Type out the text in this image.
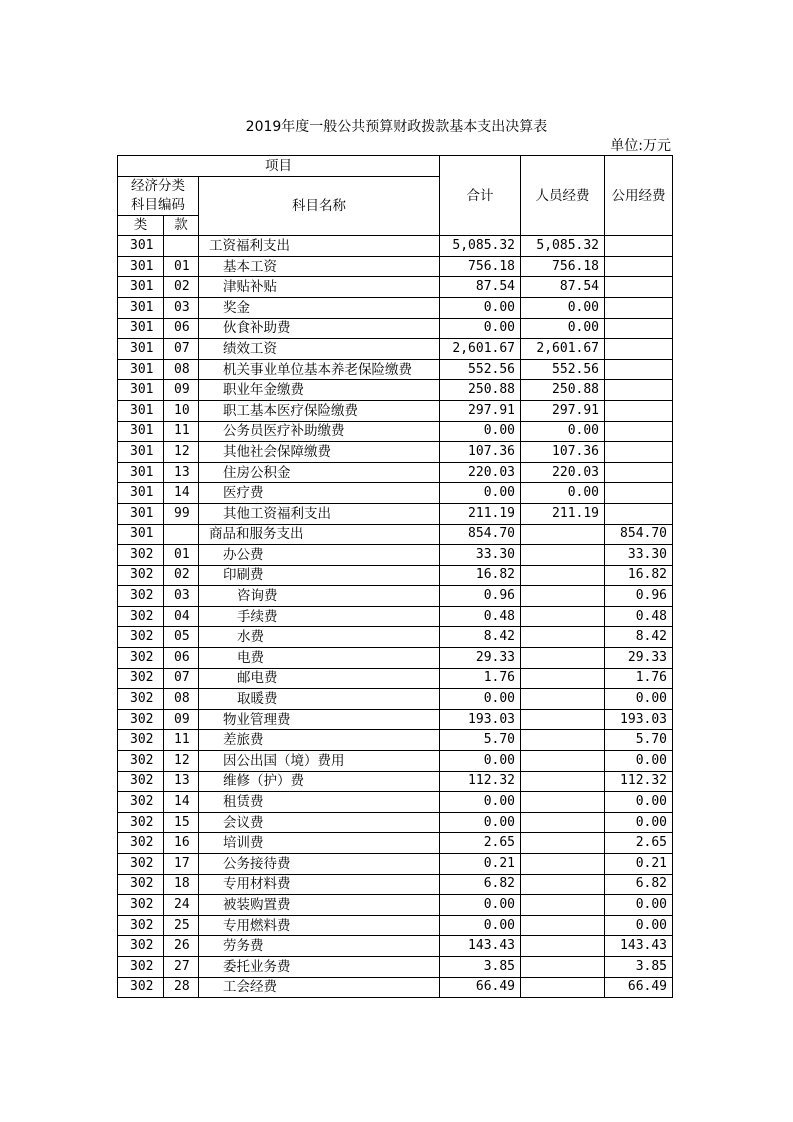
2019年度一般公共预算财政拨款基本支出决算表
单位:万元
项目			合计	人员经费	公用经费

经济分类
科目编码		科目名称			
类	款				
301		工资福利支出	5,085.32	5,085.32	
301	01	基本工资	756.18	756.18	
301	02	津贴补贴	87.54	87.54	
301	03	奖金	0.00	0.00	
301	06	伙食补助费	0.00	0.00	
301	07	绩效工资	2,601.67	2,601.67	
301	08	机关事业单位基本养老保险缴费	552.56	552.56	
301	09	职业年金缴费	250.88	250.88	
301	10	职工基本医疗保险缴费	297.91	297.91	
301	11	公务员医疗补助缴费	0.00	0.00	
301	12	其他社会保障缴费	107.36	107.36	
301	13	住房公积金	220.03	220.03	
301	14	医疗费	0.00	0.00	
301	99	其他工资福利支出	211.19	211.19	
301		商品和服务支出	854.70		854.70
302	01	办公费	33.30		33.30
302	02	印刷费	16.82		16.82
302	03	咨询费	0.96		0.96
302	04	手续费	0.48		0.48
302	05	水费	8.42		8.42
302	06	电费	29.33		29.33
302	07	邮电费	1.76		1.76
302	08	取暖费	0.00		0.00
302	09	物业管理费	193.03		193.03
302	11	差旅费	5.70		5.70
302	12	因公出国（境）费用	0.00		0.00
302	13	维修（护）费	112.32		112.32
302	14	租赁费	0.00		0.00
302	15	会议费	0.00		0.00
302	16	培训费	2.65		2.65
302	17	公务接待费	0.21		0.21
302	18	专用材料费	6.82		6.82
302	24	被装购置费	0.00		0.00
302	25	专用燃料费	0.00		0.00
302	26	劳务费	143.43		143.43
302	27	委托业务费	3.85		3.85
302	28	工会经费	66.49		66.49
